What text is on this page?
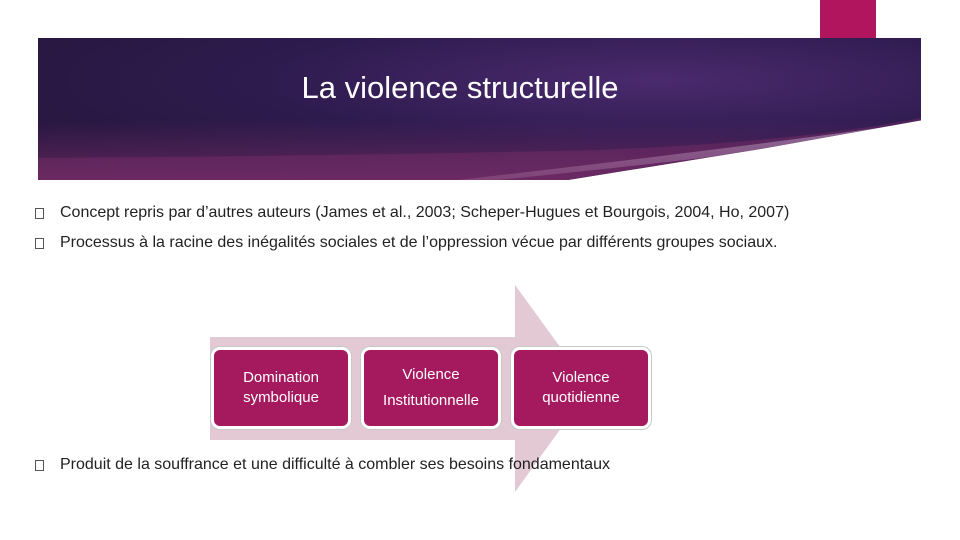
La violence structurelle
Concept repris par d’autres auteurs (James et al., 2003; Scheper-Hugues et Bourgois, 2004, Ho, 2007)
Processus à la racine des inégalités sociales et de l’oppression vécue par différents groupes sociaux.
Domination
symbolique
Violence
Institutionnelle
Violence
quotidienne
Produit de la souffrance et une difficulté à combler ses besoins fondamentaux
